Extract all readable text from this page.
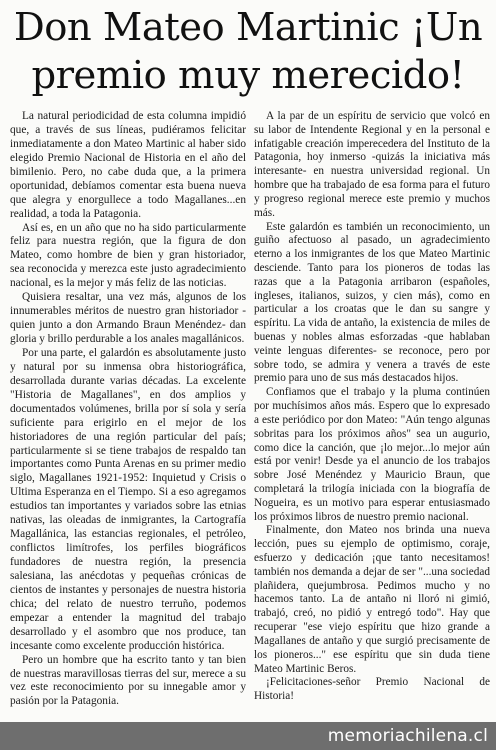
Don Mateo Martinic ¡Un
premio muy merecido!

La natural periodicidad de esta columna impidió que, a través de sus líneas, pudiéramos felicitar inmediatamente a don Mateo Martinic al haber sido elegido Premio Nacional de Historia en el año del bimilenio. Pero, no cabe duda que, a la primera oportunidad, debíamos comentar esta buena nueva que alegra y enorgullece a todo Magallanes...en realidad, a toda la Patagonia.

Así es, en un año que no ha sido particularmente feliz para nuestra región, que la figura de don Mateo, como hombre de bien y gran historiador, sea reconocida y merezca este justo agradecimiento nacional, es la mejor y más feliz de las noticias.

Quisiera resaltar, una vez más, algunos de los innumerables méritos de nuestro gran historiador -quien junto a don Armando Braun Menéndez- dan gloria y brillo perdurable a los anales magallánicos.

Por una parte, el galardón es absolutamente justo y natural por su inmensa obra historiográfica, desarrollada durante varias décadas. La excelente "Historia de Magallanes", en dos amplios y documentados volúmenes, brilla por sí sola y sería suficiente para erigirlo en el mejor de los historiadores de una región particular del país; particularmente si se tiene trabajos de respaldo tan importantes como Punta Arenas en su primer medio siglo, Magallanes 1921-1952: Inquietud y Crisis o Ultima Esperanza en el Tiempo. Si a eso agregamos estudios tan importantes y variados sobre las etnias nativas, las oleadas de inmigrantes, la Cartografía Magallánica, las estancias regionales, el petróleo, conflictos limítrofes, los perfiles biográficos fundadores de nuestra región, la presencia salesiana, las anécdotas y pequeñas crónicas de cientos de instantes y personajes de nuestra historia chica; del relato de nuestro terruño, podemos empezar a entender la magnitud del trabajo desarrollado y el asombro que nos produce, tan incesante como excelente producción histórica.

Pero un hombre que ha escrito tanto y tan bien de nuestras maravillosas tierras del sur, merece a su vez este reconocimiento por su innegable amor y pasión por la Patagonia.

A la par de un espíritu de servicio que volcó en su labor de Intendente Regional y en la personal e infatigable creación imperecedera del Instituto de la Patagonia, hoy inmerso -quizás la iniciativa más interesante- en nuestra universidad regional. Un hombre que ha trabajado de esa forma para el futuro y progreso regional merece este premio y muchos más.

Este galardón es también un reconocimiento, un guiño afectuoso al pasado, un agradecimiento eterno a los inmigrantes de los que Mateo Martinic desciende. Tanto para los pioneros de todas las razas que a la Patagonia arribaron (españoles, ingleses, italianos, suizos, y cien más), como en particular a los croatas que le dan su sangre y espíritu. La vida de antaño, la existencia de miles de buenas y nobles almas esforzadas -que hablaban veinte lenguas diferentes- se reconoce, pero por sobre todo, se admira y venera a través de este premio para uno de sus más destacados hijos.

Confiamos que el trabajo y la pluma continúen por muchísimos años más. Espero que lo expresado a este periódico por don Mateo: "Aún tengo algunas sobritas para los próximos años" sea un augurio, como dice la canción, que ¡lo mejor...lo mejor aún está por venir! Desde ya el anuncio de los trabajos sobre José Menéndez y Mauricio Braun, que completará la trilogía iniciada con la biografía de Nogueira, es un motivo para esperar entusiasmado los próximos libros de nuestro premio nacional.

Finalmente, don Mateo nos brinda una nueva lección, pues su ejemplo de optimismo, coraje, esfuerzo y dedicación ¡que tanto necesitamos! también nos demanda a dejar de ser "...una sociedad plañidera, quejumbrosa. Pedimos mucho y no hacemos tanto. La de antaño ni lloró ni gimió, trabajó, creó, no pidió y entregó todo". Hay que recuperar "ese viejo espíritu que hizo grande a Magallanes de antaño y que surgió precisamente de los pioneros..." ese espíritu que sin duda tiene Mateo Martinic Beros.

¡Felicitaciones-señor Premio Nacional de Historia!

memoriachilena.cl
